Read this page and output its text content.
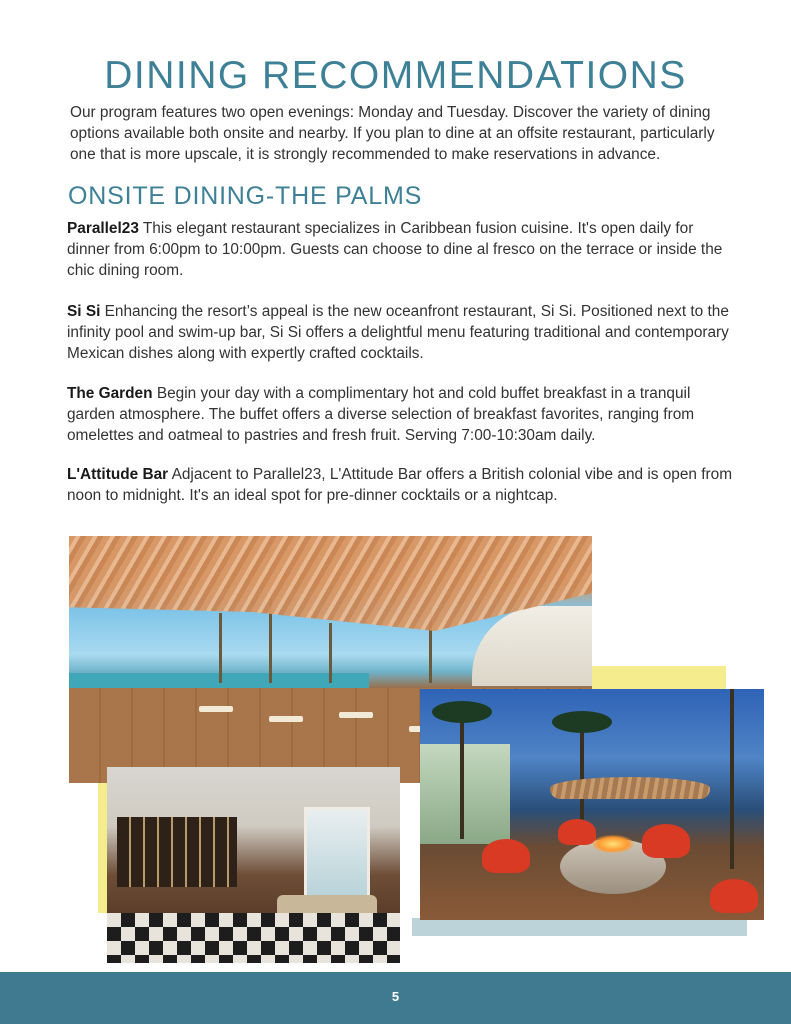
DINING RECOMMENDATIONS

Our program features two open evenings: Monday and Tuesday. Discover the variety of dining options available both onsite and nearby. If you plan to dine at an offsite restaurant, particularly one that is more upscale, it is strongly recommended to make reservations in advance.

ONSITE DINING-THE PALMS

Parallel23 This elegant restaurant specializes in Caribbean fusion cuisine. It's open daily for dinner from 6:00pm to 10:00pm. Guests can choose to dine al fresco on the terrace or inside the chic dining room.

Si Si Enhancing the resort’s appeal is the new oceanfront restaurant, Si Si. Positioned next to the infinity pool and swim-up bar, Si Si offers a delightful menu featuring traditional and contemporary Mexican dishes along with expertly crafted cocktails.

The Garden Begin your day with a complimentary hot and cold buffet breakfast in a tranquil garden atmosphere. The buffet offers a diverse selection of breakfast favorites, ranging from omelettes and oatmeal to pastries and fresh fruit. Serving 7:00-10:30am daily.

L'Attitude Bar Adjacent to Parallel23, L'Attitude Bar offers a British colonial vibe and is open from noon to midnight. It's an ideal spot for pre-dinner cocktails or a nightcap.

5
